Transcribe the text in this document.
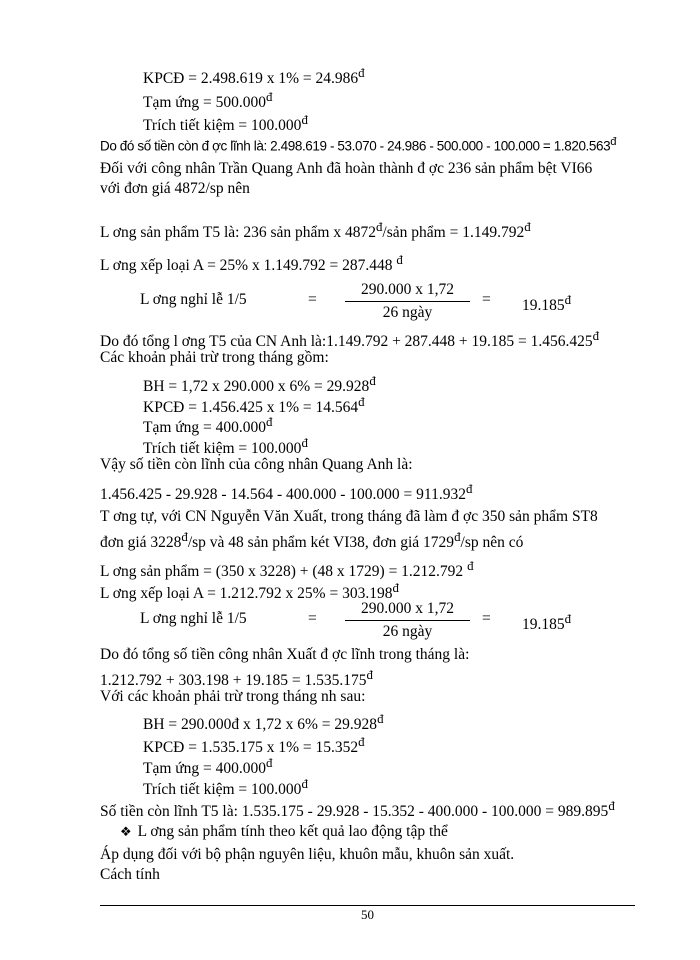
KPCĐ = 2.498.619 x $1\% = 24.986^đ$
Tạm ứng = $500.000^đ$
Trích tiết kiệm = $100.000^đ$
Do đó số tiền còn đ ợc lĩnh là: $2.498.619 - 53.070 - 24.986 - 500.000 - 100.000 = 1.820.563^đ$
Đối với công nhân Trần Quang Anh đã hoàn thành đ ợc 236 sản phẩm bệt VI66
với đơn giá 4872/sp nên
L ơng sản phẩm T5 là: 236 sản phẩm x $4872^đ$/sản phẩm = $1.149.792^đ$
L ơng xếp loại A = 25% x 1.149.792 = 287.448 $^đ$
L ơng nghỉ lễ 1/5	=
290.000 x 1,72
26 ngày
= $19.185^đ$
Do đó tổng l ơng T5 của CN Anh là:1.149.792 + $287.448 + 19.185 = 1.456.425^đ$
Các khoản phải trừ trong tháng gồm:
BH = 1,72 x 290.000 x $6\% = 29.928^đ$
KPCĐ = 1.456.425 x $1\% = 14.564^đ$
Tạm ứng = $400.000^đ$
Trích tiết kiệm = $100.000^đ$
Vậy số tiền còn lĩnh của công nhân Quang Anh là:
$1.456.425 - 29.928 - 14.564 - 400.000 - 100.000 = 911.932^đ$
T ơng tự, với CN Nguyễn Văn Xuất, trong tháng đã làm đ ợc 350 sản phẩm ST8
đơn giá $3228^đ/sp$ và 48 sản phẩm két VI38, đơn giá $1729^đ/sp$ nên có
L ơng sản phẩm = (350 x 3228) + (48 x 1729) = 1.212.792 $^đ$
L ơng xếp loại A = 1.212.792 x $25\% = 303.198^đ$
L ơng nghỉ lễ 1/5	=
290.000 x 1,72
26 ngày
= $19.185^đ$
Do đó tổng số tiền công nhân Xuất đ ợc lĩnh trong tháng là:
$1.212.792 + 303.198 + 19.185 = 1.535.175^đ$
Với các khoản phải trừ trong tháng nh sau:
BH = 290.000đ x 1,72 x $6\% = 29.928^đ$
KPCĐ = 1.535.175 x $1\% = 15.352^đ$
Tạm ứng = $400.000^đ$
Trích tiết kiệm = $100.000^đ$
Số tiền còn lĩnh T5 là: $1.535.175 - 29.928 - 15.352 - 400.000 - 100.000 = 989.895^đ$
❖ L ơng sản phẩm tính theo kết quả lao động tập thể
Áp dụng đối với bộ phận nguyên liệu, khuôn mẫu, khuôn sản xuất.
Cách tính
50
